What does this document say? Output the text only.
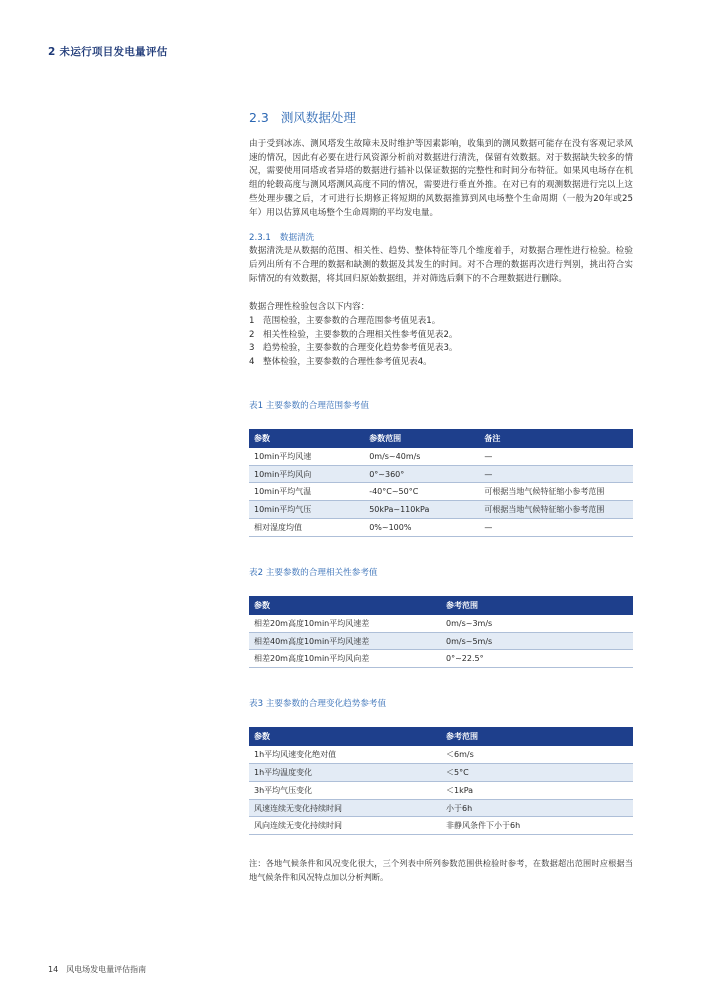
2 未运行项目发电量评估
2.3 测风数据处理

由于受到冰冻、测风塔发生故障未及时维护等因素影响，收集到的测风数据可能存在没有客观记录风速的情况，因此有必要在进行风资源分析前对数据进行清洗，保留有效数据。对于数据缺失较多的情况，需要使用同塔或者异塔的数据进行插补以保证数据的完整性和时间分布特征。如果风电场存在机组的轮毂高度与测风塔测风高度不同的情况，需要进行垂直外推。在对已有的观测数据进行完以上这些处理步骤之后，才可进行长期修正将短期的风数据推算到风电场整个生命周期（一般为20年或25年）用以估算风电场整个生命周期的平均发电量。

2.3.1 数据清洗

数据清洗是从数据的范围、相关性、趋势、整体特征等几个维度着手，对数据合理性进行检验。检验后列出所有不合理的数据和缺测的数据及其发生的时间。对不合理的数据再次进行判别，挑出符合实际情况的有效数据，将其回归原始数据组，并对筛选后剩下的不合理数据进行删除。

数据合理性检验包含以下内容：
1 范围检验，主要参数的合理范围参考值见表1。
2 相关性检验，主要参数的合理相关性参考值见表2。
3 趋势检验，主要参数的合理变化趋势参考值见表3。
4 整体检验，主要参数的合理性参考值见表4。
表1 主要参数的合理范围参考值
参数	参数范围	备注
10min平均风速	0m/s~40m/s	—
10min平均风向	0°~360°	—
10min平均气温	-40°C~50°C	可根据当地气候特征缩小参考范围
10min平均气压	50kPa~110kPa	可根据当地气候特征缩小参考范围
相对湿度均值	0%~100%	—
表2 主要参数的合理相关性参考值
参数	参考范围
相差20m高度10min平均风速差	0m/s~3m/s
相差40m高度10min平均风速差	0m/s~5m/s
相差20m高度10min平均风向差	0°~22.5°
表3 主要参数的合理变化趋势参考值
参数	参考范围
1h平均风速变化绝对值	＜6m/s
1h平均温度变化	＜5°C
3h平均气压变化	＜1kPa
风速连续无变化持续时间	小于6h
风向连续无变化持续时间	非静风条件下小于6h

注：各地气候条件和风况变化很大，三个列表中所列参数范围供检验时参考，在数据超出范围时应根据当地气候条件和风况特点加以分析判断。

14 风电场发电量评估指南
